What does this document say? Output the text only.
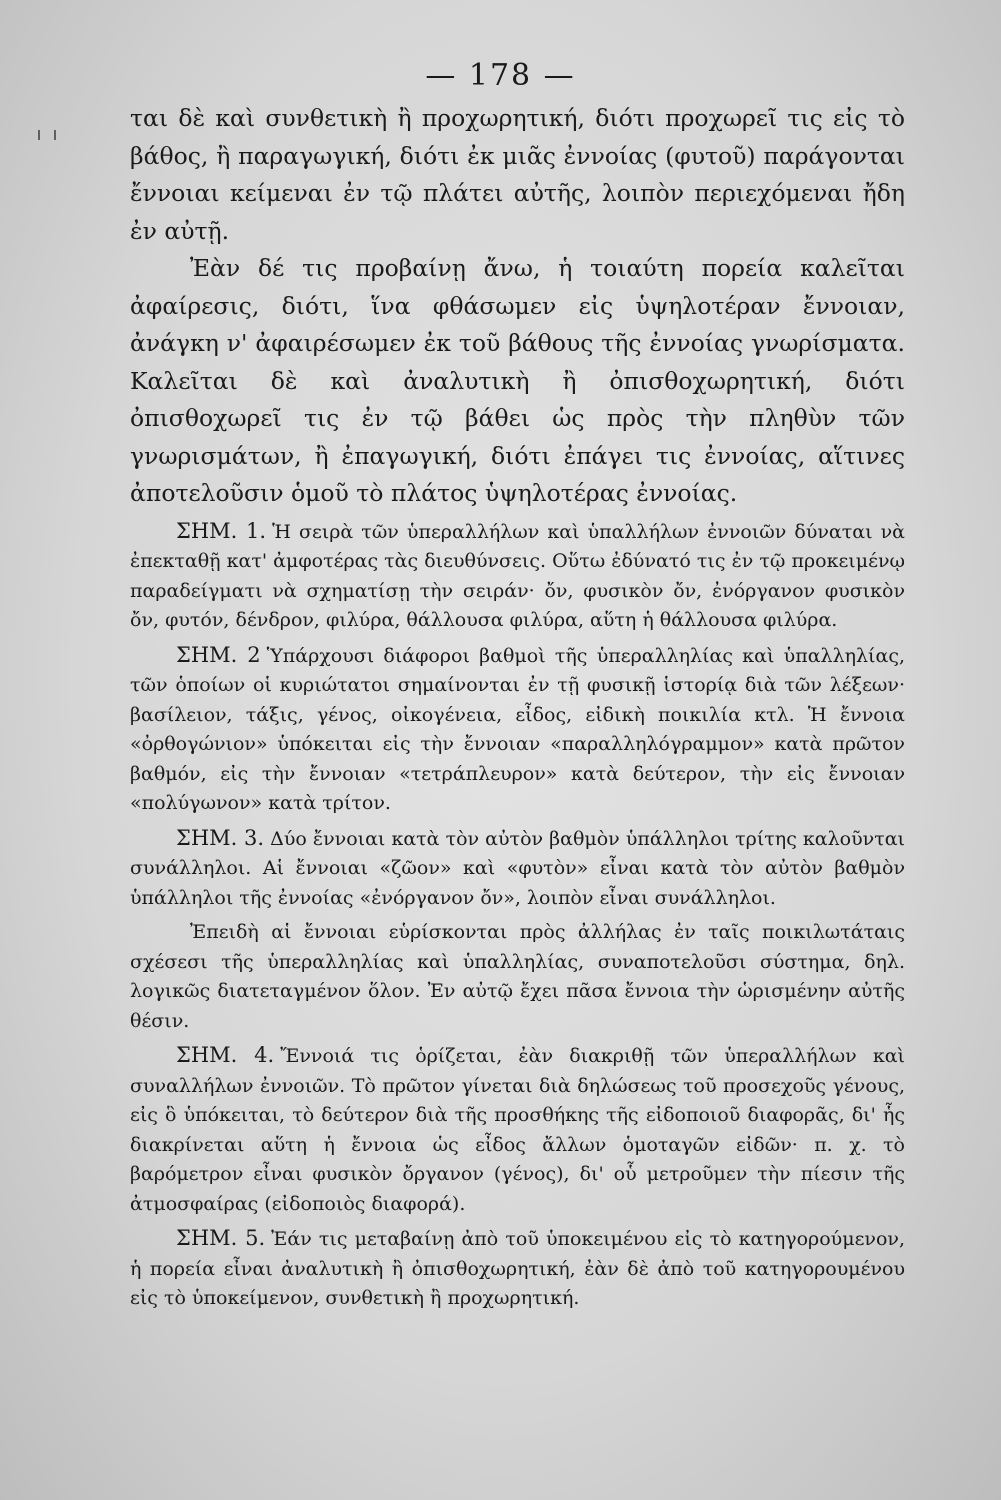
— 178 —

ται δὲ καὶ συνθετικὴ ἢ προχωρητική, διότι προχωρεῖ τις εἰς τὸ βάθος, ἢ παραγωγική, διότι ἐκ μιᾶς ἐννοίας (φυτοῦ) παράγονται ἔννοιαι κείμεναι ἐν τῷ πλάτει αὐτῆς, λοιπὸν περιεχόμεναι ἤδη ἐν αὐτῇ.

Ἐὰν δέ τις προβαίνῃ ἄνω, ἡ τοιαύτη πορεία καλεῖται ἀφαίρεσις, διότι, ἵνα φθάσωμεν εἰς ὑψηλοτέραν ἔννοιαν, ἀνάγκη ν' ἀφαιρέσωμεν ἐκ τοῦ βάθους τῆς ἐννοίας γνωρίσματα. Καλεῖται δὲ καὶ ἀναλυτικὴ ἢ ὀπισθοχωρητική, διότι ὀπισθοχωρεῖ τις ἐν τῷ βάθει ὡς πρὸς τὴν πληθὺν τῶν γνωρισμάτων, ἢ ἐπαγωγική, διότι ἐπάγει τις ἐννοίας, αἵτινες ἀποτελοῦσιν ὁμοῦ τὸ πλάτος ὑψηλοτέρας ἐννοίας.

ΣΗΜ. 1. Ἡ σειρὰ τῶν ὑπεραλλήλων καὶ ὑπαλλήλων ἐννοιῶν δύναται νὰ ἐπεκταθῇ κατ' ἀμφοτέρας τὰς διευθύνσεις. Οὕτω ἐδύνατό τις ἐν τῷ προκειμένῳ παραδείγματι νὰ σχηματίσῃ τὴν σειράν· ὄν, φυσικὸν ὄν, ἐνόργανον φυσικὸν ὄν, φυτόν, δένδρον, φιλύρα, θάλλουσα φιλύρα, αὕτη ἡ θάλλουσα φιλύρα.

ΣΗΜ. 2 Ὑπάρχουσι διάφοροι βαθμοὶ τῆς ὑπεραλληλίας καὶ ὑπαλληλίας, τῶν ὁποίων οἱ κυριώτατοι σημαίνονται ἐν τῇ φυσικῇ ἱστορίᾳ διὰ τῶν λέξεων· βασίλειον, τάξις, γένος, οἰκογένεια, εἶδος, εἰδικὴ ποικιλία κτλ. Ἡ ἔννοια «ὀρθογώνιον» ὑπόκειται εἰς τὴν ἔννοιαν «παραλληλόγραμμον» κατὰ πρῶτον βαθμόν, εἰς τὴν ἔννοιαν «τετράπλευρον» κατὰ δεύτερον, τὴν εἰς ἔννοιαν «πολύγωνον» κατὰ τρίτον.

ΣΗΜ. 3. Δύο ἔννοιαι κατὰ τὸν αὐτὸν βαθμὸν ὑπάλληλοι τρίτης καλοῦνται συνάλληλοι. Αἱ ἔννοιαι «ζῶον» καὶ «φυτὸν» εἶναι κατὰ τὸν αὐτὸν βαθμὸν ὑπάλληλοι τῆς ἐννοίας «ἐνόργανον ὄν», λοιπὸν εἶναι συνάλληλοι.

Ἐπειδὴ αἱ ἔννοιαι εὑρίσκονται πρὸς ἀλλήλας ἐν ταῖς ποικιλωτάταις σχέσεσι τῆς ὑπεραλληλίας καὶ ὑπαλληλίας, συναποτελοῦσι σύστημα, δηλ. λογικῶς διατεταγμένον ὅλον. Ἐν αὐτῷ ἔχει πᾶσα ἔννοια τὴν ὡρισμένην αὐτῆς θέσιν.

ΣΗΜ. 4. Ἔννοιά τις ὁρίζεται, ἐὰν διακριθῇ τῶν ὑπεραλλήλων καὶ συναλλήλων ἐννοιῶν. Τὸ πρῶτον γίνεται διὰ δηλώσεως τοῦ προσεχοῦς γένους, εἰς ὃ ὑπόκειται, τὸ δεύτερον διὰ τῆς προσθήκης τῆς εἰδοποιοῦ διαφορᾶς, δι' ἧς διακρίνεται αὕτη ἡ ἔννοια ὡς εἶδος ἄλλων ὁμοταγῶν εἰδῶν· π. χ. τὸ βαρόμετρον εἶναι φυσικὸν ὄργανον (γένος), δι' οὗ μετροῦμεν τὴν πίεσιν τῆς ἀτμοσφαίρας (εἰδοποιὸς διαφορά).

ΣΗΜ. 5. Ἐάν τις μεταβαίνῃ ἀπὸ τοῦ ὑποκειμένου εἰς τὸ κατηγορούμενον, ἡ πορεία εἶναι ἀναλυτικὴ ἢ ὀπισθοχωρητική, ἐὰν δὲ ἀπὸ τοῦ κατηγορουμένου εἰς τὸ ὑποκείμενον, συνθετικὴ ἢ προχωρητική.
